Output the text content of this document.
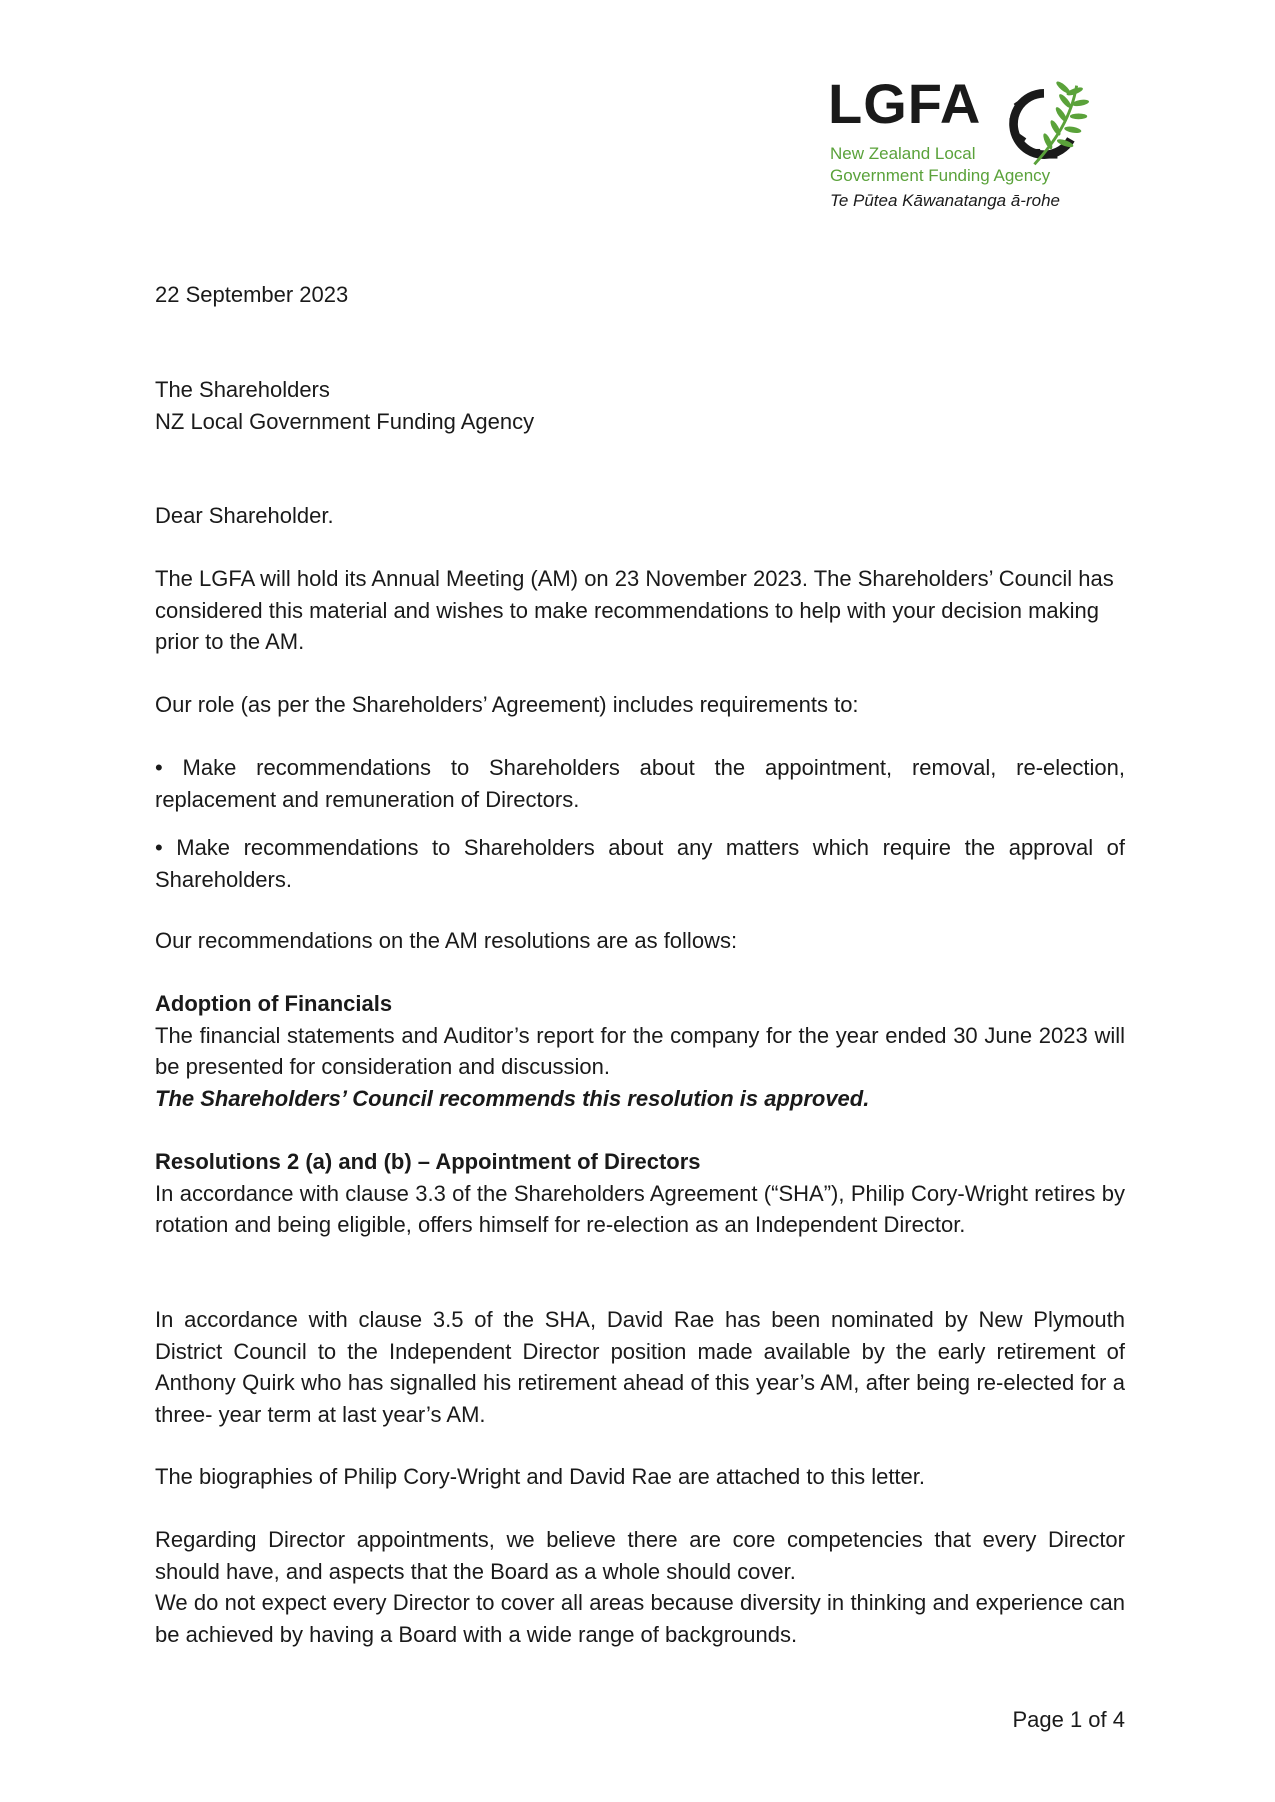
LGFA
New Zealand Local
Government Funding Agency
Te Pūtea Kāwanatanga ā-rohe

22 September 2023

The Shareholders

NZ Local Government Funding Agency

Dear Shareholder.

The LGFA will hold its Annual Meeting (AM) on 23 November 2023. The Shareholders’ Council has considered this material and wishes to make recommendations to help with your decision making prior to the AM.

Our role (as per the Shareholders’ Agreement) includes requirements to:

• Make recommendations to Shareholders about the appointment, removal, re-election, replacement and remuneration of Directors.

• Make recommendations to Shareholders about any matters which require the approval of Shareholders.

Our recommendations on the AM resolutions are as follows:

Adoption of Financials

The financial statements and Auditor’s report for the company for the year ended 30 June 2023 will be presented for consideration and discussion.

The Shareholders’ Council recommends this resolution is approved.

Resolutions 2 (a) and (b) – Appointment of Directors

In accordance with clause 3.3 of the Shareholders Agreement (“SHA”), Philip Cory-Wright retires by rotation and being eligible, offers himself for re-election as an Independent Director.

In accordance with clause 3.5 of the SHA, David Rae has been nominated by New Plymouth District Council to the Independent Director position made available by the early retirement of Anthony Quirk who has signalled his retirement ahead of this year’s AM, after being re-elected for a three- year term at last year’s AM.

The biographies of Philip Cory-Wright and David Rae are attached to this letter.

Regarding Director appointments, we believe there are core competencies that every Director should have, and aspects that the Board as a whole should cover.

We do not expect every Director to cover all areas because diversity in thinking and experience can be achieved by having a Board with a wide range of backgrounds.

Page 1 of 4
